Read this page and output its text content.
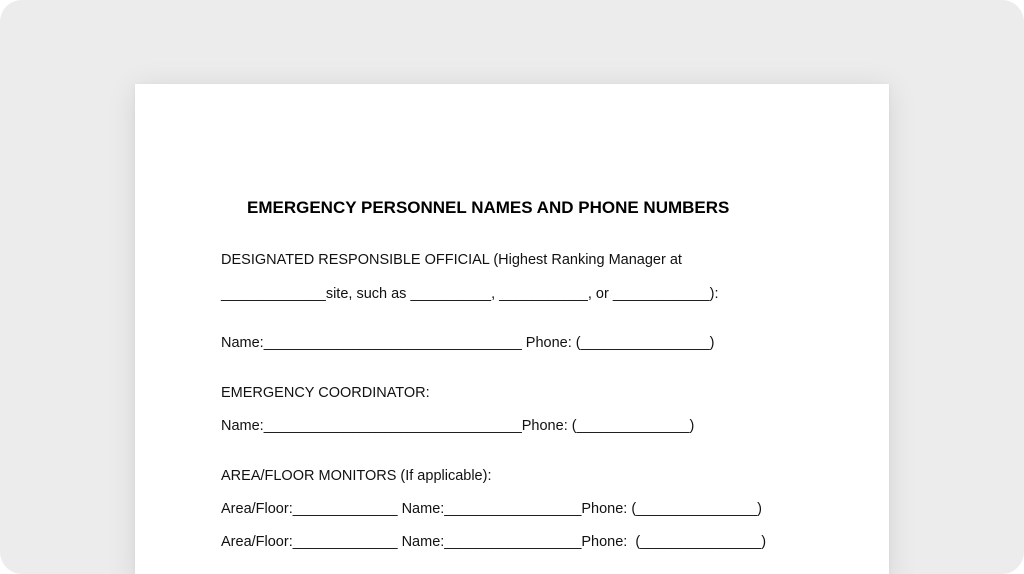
EMERGENCY PERSONNEL NAMES AND PHONE NUMBERS
DESIGNATED RESPONSIBLE OFFICIAL (Highest Ranking Manager at
_____________site, such as __________, ___________, or ____________):
Name:________________________________ Phone: (________________)
EMERGENCY COORDINATOR:
Name:________________________________Phone: (______________)
AREA/FLOOR MONITORS (If applicable):
Area/Floor:_____________ Name:_________________Phone: (_______________)
Area/Floor:_____________ Name:_________________Phone:  (_______________)
